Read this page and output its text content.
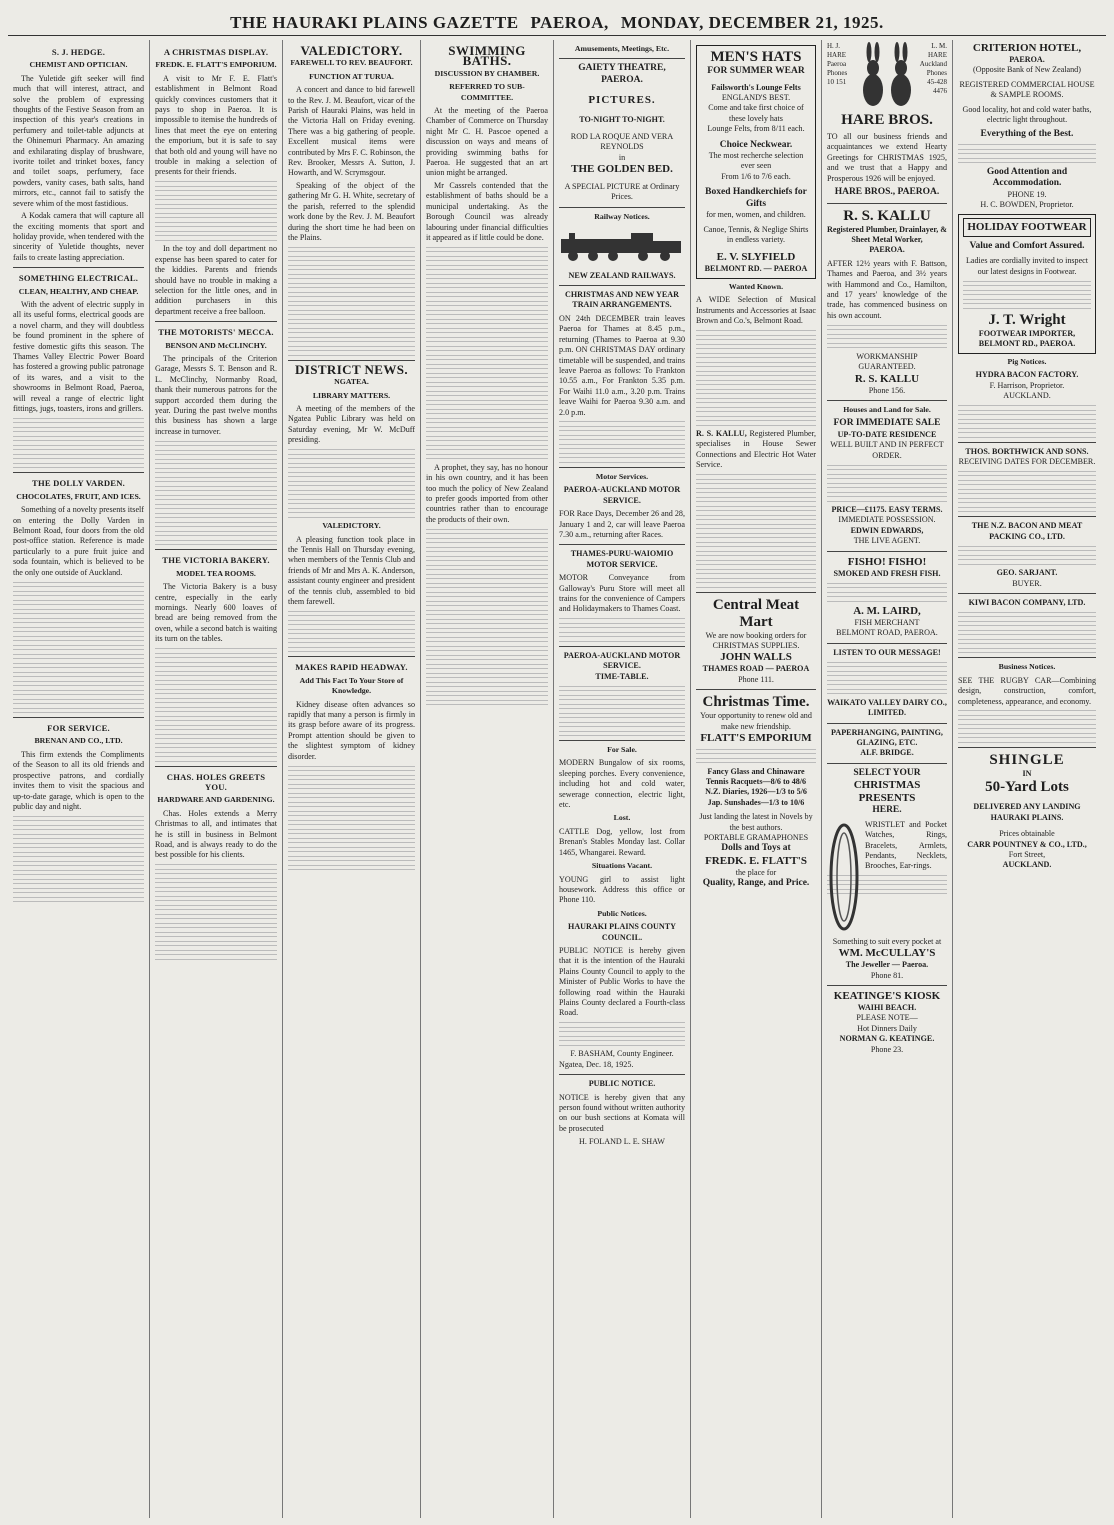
THE HAURAKI PLAINS GAZETTE PAEROA, MONDAY, DECEMBER 21, 1925.
S. J. HEDGE.
CHEMIST AND OPTICIAN.

The Yuletide gift seeker will find much that will interest, attract, and solve the problem of expressing thoughts of the Festive Season from an inspection of this year's creations in perfumery and toilet-table adjuncts at the Ohinemuri Pharmacy. An amazing and exhilarating display of brushware, ivorite toilet and trinket boxes, fancy and toilet soaps, perfumery, face powders, vanity cases, bath salts, hand mirrors, etc., cannot fail to satisfy the severe whim of the most fastidious.

A Kodak camera that will capture all the exciting moments that sport and holiday provide, when tendered with the sincerity of Yuletide thoughts, never fails to create lasting appreciation.

SOMETHING ELECTRICAL.
CLEAN, HEALTHY, AND CHEAP.

With the advent of electric supply in all its useful forms, electrical goods are a novel charm, and they will doubtless be found prominent in the sphere of festive domestic gifts this season. The Thames Valley Electric Power Board has fostered a growing public patronage of its wares, and a visit to the showrooms in Belmont Road, Paeroa, will reveal a range of electric light fittings, jugs, toasters, irons and grillers.

THE DOLLY VARDEN.
CHOCOLATES, FRUIT, AND ICES.

Something of a novelty presents itself on entering the Dolly Varden in Belmont Road, four doors from the old post-office station. Reference is made particularly to a pure fruit juice and soda fountain, which is believed to be the only one outside of Auckland.

FOR SERVICE.
BRENAN AND CO., LTD.

This firm extends the Compliments of the Season to all its old friends and prospective patrons, and cordially invites them to visit the spacious and up-to-date garage, which is open to the public day and night.

A CHRISTMAS DISPLAY.
FREDK. E. FLATT'S EMPORIUM.

A visit to Mr F. E. Flatt's establishment in Belmont Road quickly convinces customers that it pays to shop in Paeroa. It is impossible to itemise the hundreds of lines that meet the eye on entering the emporium, but it is safe to say that both old and young will have no trouble in making a selection of presents for their friends.

In the toy and doll department no expense has been spared to cater for the kiddies. Parents and friends should have no trouble in making a selection for the little ones, and in addition purchasers in this department receive a free balloon.

THE MOTORISTS' MECCA.
BENSON AND McCLINCHY.

The principals of the Criterion Garage, Messrs S. T. Benson and R. L. McClinchy, Normanby Road, thank their numerous patrons for the support accorded them during the year. During the past twelve months this business has shown a large increase in turnover.

THE VICTORIA BAKERY.
MODEL TEA ROOMS.

The Victoria Bakery is a busy centre, especially in the early mornings. Nearly 600 loaves of bread are being removed from the oven, while a second batch is waiting its turn on the tables.

CHAS. HOLES GREETS YOU.
HARDWARE AND GARDENING.

Chas. Holes extends a Merry Christmas to all, and intimates that he is still in business in Belmont Road, and is always ready to do the best possible for his clients.

VALEDICTORY.
FAREWELL TO REV. BEAUFORT.
FUNCTION AT TURUA.

A concert and dance to bid farewell to the Rev. J. M. Beaufort, vicar of the Parish of Hauraki Plains, was held in the Victoria Hall on Friday evening. There was a big gathering of people. Excellent musical items were contributed by Mrs F. C. Robinson, the Rev. Brooker, Messrs A. Sutton, J. Howarth, and W. Scrymsgour.

Speaking of the object of the gathering Mr G. H. White, secretary of the parish, referred to the splendid work done by the Rev. J. M. Beaufort during the short time he had been on the Plains.

DISTRICT NEWS.
NGATEA.
LIBRARY MATTERS.

A meeting of the members of the Ngatea Public Library was held on Saturday evening, Mr W. McDuff presiding.

VALEDICTORY.

A pleasing function took place in the Tennis Hall on Thursday evening, when members of the Tennis Club and friends of Mr and Mrs A. K. Anderson, assistant county engineer and president of the tennis club, assembled to bid them farewell.

MAKES RAPID HEADWAY.
Add This Fact To Your Store of Knowledge.

Kidney disease often advances so rapidly that many a person is firmly in its grasp before aware of its progress. Prompt attention should be given to the slightest symptom of kidney disorder.

SWIMMING BATHS.
DISCUSSION BY CHAMBER.
REFERRED TO SUB-COMMITTEE.

At the meeting of the Paeroa Chamber of Commerce on Thursday night Mr C. H. Pascoe opened a discussion on ways and means of providing swimming baths for Paeroa. He suggested that an art union might be arranged.

Mr Cassrels contended that the establishment of baths should be a municipal undertaking. As the Borough Council was already labouring under financial difficulties it appeared as if little could be done.

A prophet, they say, has no honour in his own country, and it has been too much the policy of New Zealand to prefer goods imported from other countries rather than to encourage the products of their own.

Amusements, Meetings, Etc.
GAIETY THEATRE, PAEROA.
PICTURES.
TO-NIGHT TO-NIGHT.
ROD LA ROQUE AND VERA REYNOLDS
in
THE GOLDEN BED.
A SPECIAL PICTURE at Ordinary Prices.
Railway Notices.
NEW ZEALAND RAILWAYS.
CHRISTMAS AND NEW YEAR TRAIN ARRANGEMENTS.

ON 24th DECEMBER train leaves Paeroa for Thames at 8.45 p.m., returning (Thames to Paeroa at 9.30 p.m. ON CHRISTMAS DAY ordinary timetable will be suspended, and trains leave Paeroa as follows: To Frankton 10.55 a.m., For Frankton 5.35 p.m. For Waihi 11.0 a.m., 3.20 p.m. Trains leave Waihi for Paeroa 9.30 a.m. and 2.0 p.m.

Motor Services.
PAEROA-AUCKLAND MOTOR SERVICE.

FOR Race Days, December 26 and 28, January 1 and 2, car will leave Paeroa 7.30 a.m., returning after Races.

THAMES-PURU-WAIOMIO MOTOR SERVICE.

MOTOR Conveyance from Galloway's Puru Store will meet all trains for the convenience of Campers and Holidaymakers to Thames Coast.

PAEROA-AUCKLAND MOTOR SERVICE.
TIME-TABLE.
For Sale.

MODERN Bungalow of six rooms, sleeping porches. Every convenience, including hot and cold water, sewerage connection, electric light, etc.

Lost.

CATTLE Dog, yellow, lost from Brenan's Stables Monday last. Collar 1465, Whangarei. Reward.

Situations Vacant.

YOUNG girl to assist light housework. Address this office or Phone 110.

Public Notices.
HAURAKI PLAINS COUNTY COUNCIL.

PUBLIC NOTICE is hereby given that it is the intention of the Hauraki Plains County Council to apply to the Minister of Public Works to have the following road within the Hauraki Plains County declared a Fourth-class Road.

F. BASHAM, County Engineer.
Ngatea, Dec. 18, 1925.
PUBLIC NOTICE.

NOTICE is hereby given that any person found without written authority on our bush sections at Komata will be prosecuted

H. FOLAND L. E. SHAW
MEN'S HATS
FOR SUMMER WEAR
Failsworth's Lounge Felts
ENGLAND'S BEST.
Come and take first choice of these lovely hats
Lounge Felts, from 8/11 each.
Choice Neckwear.
The most recherche selection ever seen
From 1/6 to 7/6 each.
Boxed Handkerchiefs for Gifts
for men, women, and children.
Canoe, Tennis, & Neglige Shirts in endless variety.
E. V. SLYFIELD
BELMONT RD. — PAEROA
Wanted Known.

A WIDE Selection of Musical Instruments and Accessories at Isaac Brown and Co.'s, Belmont Road.

R. S. KALLU, Registered Plumber, specialises in House Sewer Connections and Electric Hot Water Service.

Central Meat Mart
We are now booking orders for CHRISTMAS SUPPLIES.
JOHN WALLS
THAMES ROAD — PAEROA
Phone 111.
Christmas Time.
Your opportunity to renew old and make new friendship.
FLATT'S EMPORIUM
Fancy Glass and Chinaware
Tennis Racquets—8/6 to 48/6
N.Z. Diaries, 1926—1/3 to 5/6
Jap. Sunshades—1/3 to 10/6
Just landing the latest in Novels by the best authors.
PORTABLE GRAMAPHONES
Dolls and Toys at
FREDK. E. FLATT'S
the place for
Quality, Range, and Price.
H. J.
HARE
Paeroa
Phones
10 151
L. M.
HARE
Auckland
Phones
45-428 4476
HARE BROS.

TO all our business friends and acquaintances we extend Hearty Greetings for CHRISTMAS 1925, and we trust that a Happy and Prosperous 1926 will be enjoyed.

HARE BROS., PAEROA.
R. S. KALLU
Registered Plumber, Drainlayer, & Sheet Metal Worker,
PAEROA.

AFTER 12½ years with F. Battson, Thames and Paeroa, and 3½ years with Hammond and Co., Hamilton, and 17 years' knowledge of the trade, has commenced business on his own account.

WORKMANSHIP GUARANTEED.
R. S. KALLU
Phone 156.
Houses and Land for Sale.
FOR IMMEDIATE SALE
UP-TO-DATE RESIDENCE
WELL BUILT AND IN PERFECT ORDER.
PRICE—£1175. EASY TERMS.
IMMEDIATE POSSESSION.
EDWIN EDWARDS,
THE LIVE AGENT.
FISHO! FISHO!
SMOKED AND FRESH FISH.
A. M. LAIRD,
FISH MERCHANT
BELMONT ROAD, PAEROA.
LISTEN TO OUR MESSAGE!
WAIKATO VALLEY DAIRY CO., LIMITED.
PAPERHANGING, PAINTING, GLAZING, ETC.
ALF. BRIDGE.
SELECT YOUR
CHRISTMAS PRESENTS
HERE.

WRISTLET and Pocket Watches, Rings, Bracelets, Armlets, Pendants, Necklets, Brooches, Ear-rings.

Something to suit every pocket at
WM. McCULLAY'S
The Jeweller — Paeroa.
Phone 81.
KEATINGE'S KIOSK
WAIHI BEACH.
PLEASE NOTE—
Hot Dinners Daily
NORMAN G. KEATINGE.
Phone 23.
CRITERION HOTEL,
PAEROA.
(Opposite Bank of New Zealand)
REGISTERED COMMERCIAL HOUSE & SAMPLE ROOMS.
Good locality, hot and cold water baths, electric light throughout.
Everything of the Best.
Good Attention and Accommodation.
PHONE 19.
H. C. BOWDEN, Proprietor.
HOLIDAY FOOTWEAR
Value and Comfort Assured.
Ladies are cordially invited to inspect our latest designs in Footwear.
J. T. Wright
FOOTWEAR IMPORTER,
BELMONT RD., PAEROA.
Pig Notices.
HYDRA BACON FACTORY.
F. Harrison, Proprietor.
AUCKLAND.
THOS. BORTHWICK AND SONS.
RECEIVING DATES FOR DECEMBER.
THE N.Z. BACON AND MEAT PACKING CO., LTD.
GEO. SARJANT.
BUYER.
KIWI BACON COMPANY, LTD.
Business Notices.

SEE THE RUGBY CAR—Combining design, construction, comfort, completeness, appearance, and economy.

SHINGLE
IN
50-Yard Lots
DELIVERED ANY LANDING
HAURAKI PLAINS.
Prices obtainable
CARR POUNTNEY & CO., LTD.,
Fort Street,
AUCKLAND.
